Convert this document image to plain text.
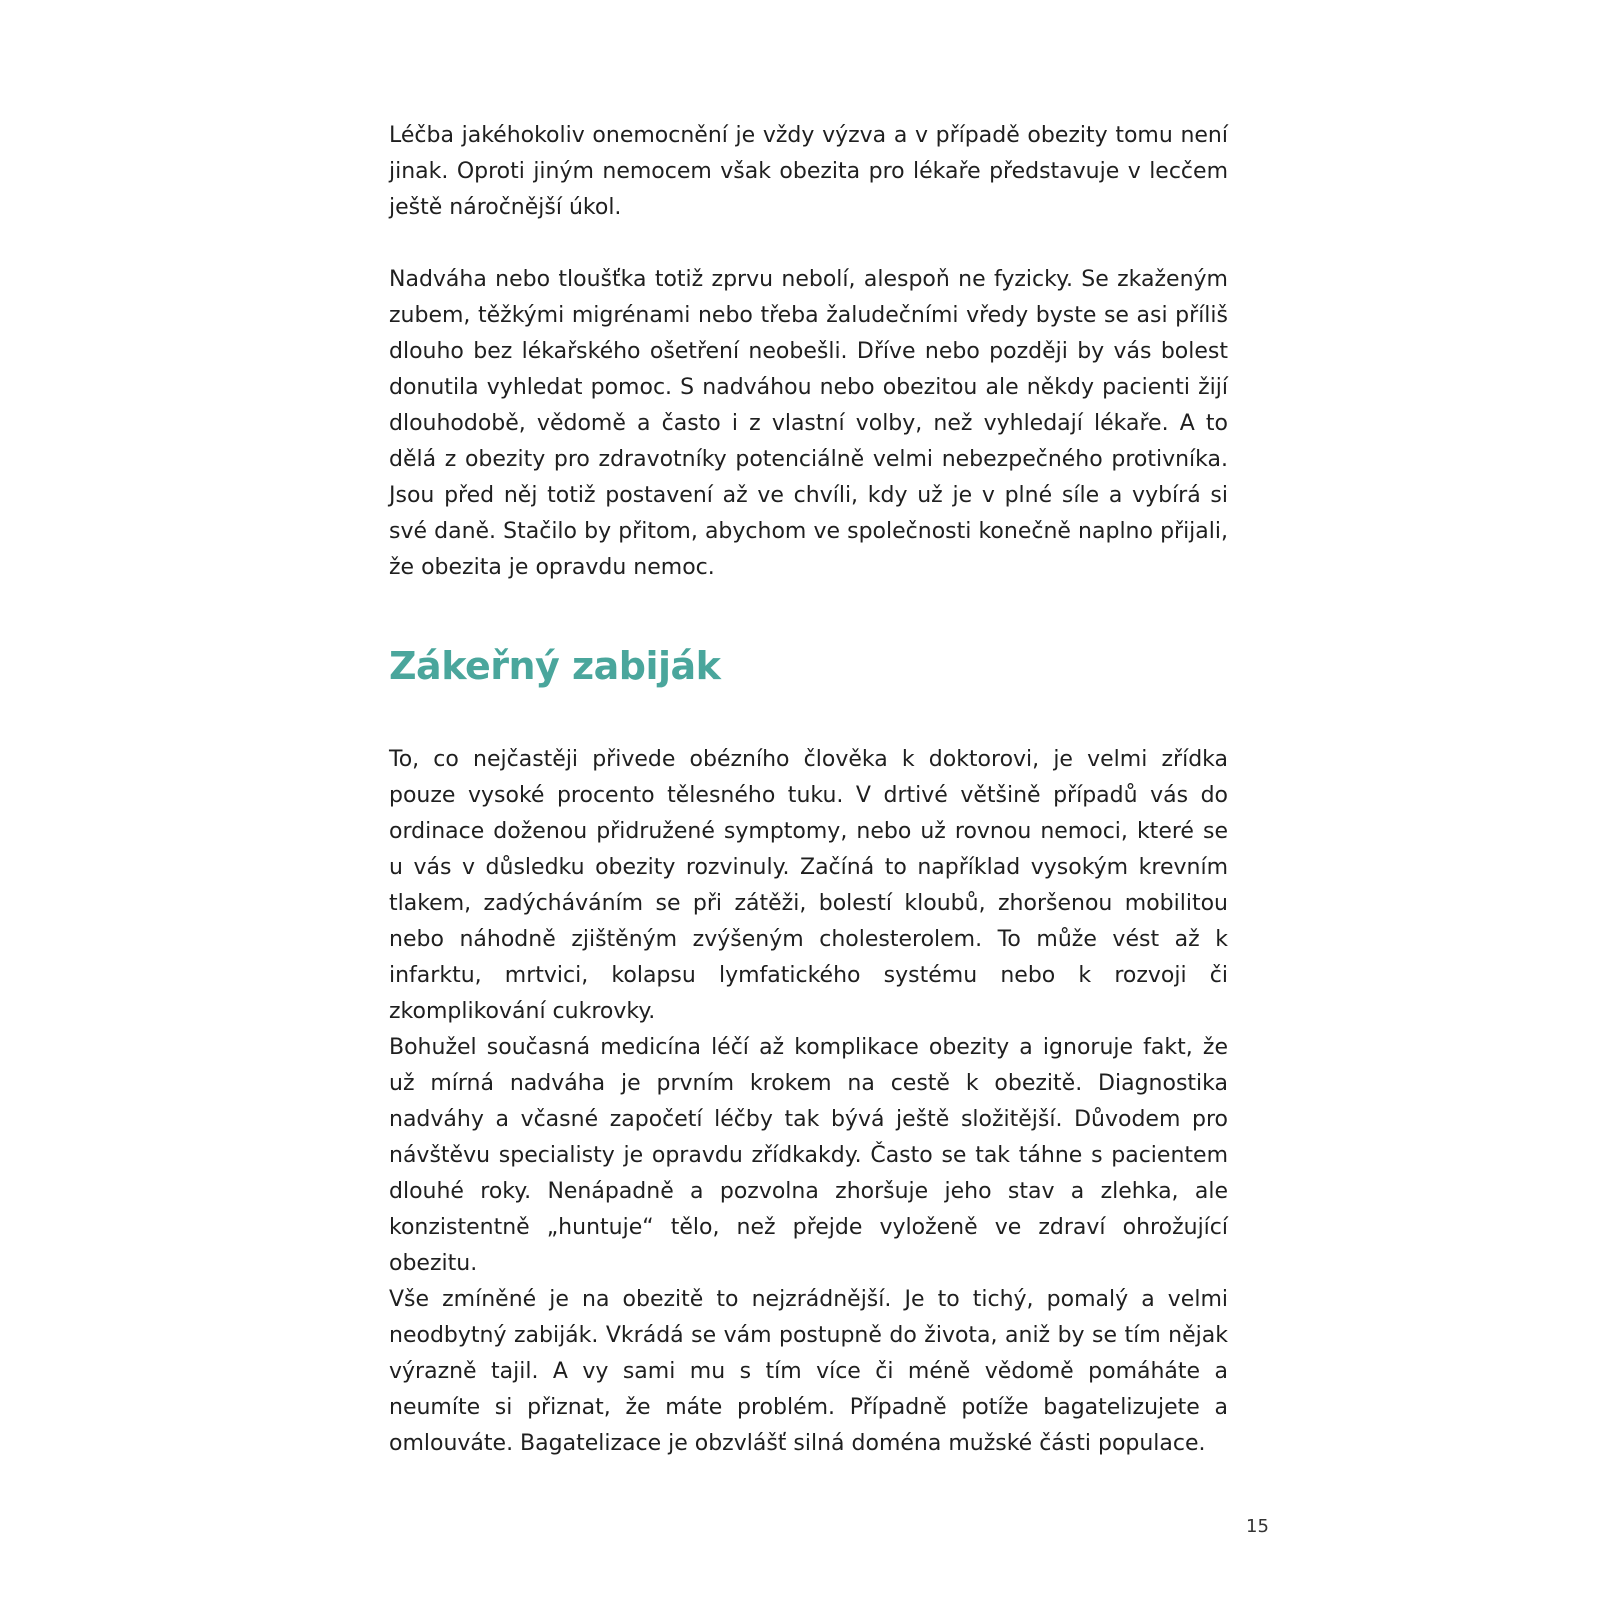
Léčba jakéhokoliv onemocnění je vždy výzva a v případě obezity tomu není jinak. Oproti jiným nemocem však obezita pro lékaře představuje v lecčem ještě náročnější úkol.

Nadváha nebo tloušťka totiž zprvu nebolí, alespoň ne fyzicky. Se zkaženým zubem, těžkými migrénami nebo třeba žaludečními vředy byste se asi příliš dlouho bez lékařského ošetření neobešli. Dříve nebo později by vás bolest donutila vyhledat pomoc. S nadváhou nebo obezitou ale někdy pacienti žijí dlouhodobě, vědomě a často i z vlastní volby, než vyhledají lékaře. A to dělá z obezity pro zdravotníky potenciálně velmi nebezpečného protivníka. Jsou před něj totiž postavení až ve chvíli, kdy už je v plné síle a vybírá si své daně. Stačilo by přitom, abychom ve společnosti konečně naplno přijali, že obezita je opravdu nemoc.

Zákeřný zabiják

To, co nejčastěji přivede obézního člověka k doktorovi, je velmi zřídka pouze vysoké procento tělesného tuku. V drtivé většině případů vás do ordinace doženou přidružené symptomy, nebo už rovnou nemoci, které se u vás v důsledku obezity rozvinuly. Začíná to například vysokým krevním tlakem, zadýcháváním se při zátěži, bolestí kloubů, zhoršenou mobilitou nebo náhodně zjištěným zvýšeným cholesterolem. To může vést až k infarktu, mrtvici, kolapsu lymfatického systému nebo k rozvoji či zkomplikování cukrovky.

Bohužel současná medicína léčí až komplikace obezity a ignoruje fakt, že už mírná nadváha je prvním krokem na cestě k obezitě. Diagnostika nadváhy a včasné započetí léčby tak bývá ještě složitější. Důvodem pro návštěvu specialisty je opravdu zřídkakdy. Často se tak táhne s pacientem dlouhé roky. Nenápadně a pozvolna zhoršuje jeho stav a zlehka, ale konzistentně „huntuje“ tělo, než přejde vyloženě ve zdraví ohrožující obezitu.

Vše zmíněné je na obezitě to nejzrádnější. Je to tichý, pomalý a velmi neodbytný zabiják. Vkrádá se vám postupně do života, aniž by se tím nějak výrazně tajil. A vy sami mu s tím více či méně vědomě pomáháte a neumíte si přiznat, že máte problém. Případně potíže bagatelizujete a omlouváte. Bagatelizace je obzvlášť silná doména mužské části populace.

15
